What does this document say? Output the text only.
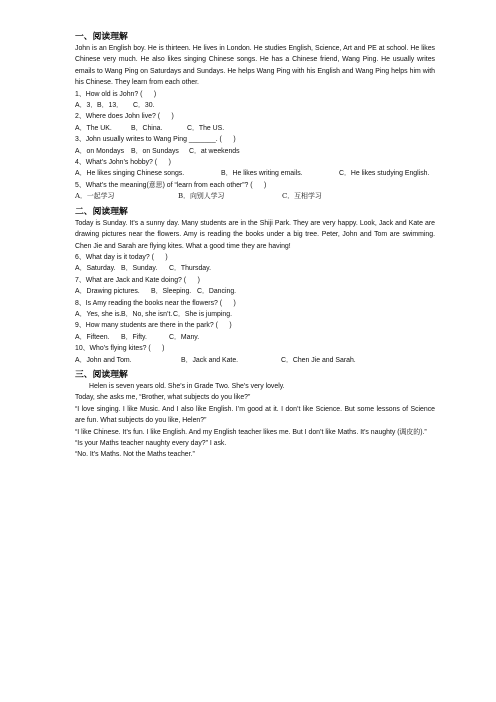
一、阅读理解

John is an English boy. He is thirteen. He lives in London. He studies English, Science, Art and PE at school. He likes Chinese very much. He also likes singing Chinese songs. He has a Chinese friend, Wang Ping. He usually writes emails to Wang Ping on Saturdays and Sundays. He helps Wang Ping with his English and Wang Ping helps him with his Chinese. They learn from each other.

1、How old is John? (      )

A．3． B．13．	C．30.

2、Where does John live? (      )

A．The UK.	B．China.	C．The US.

3、John usually writes to Wang Ping _______. (      )

A．on Mondays	B．on Sundays	C．at weekends

4、What’s John’s hobby? (      )

A．He likes singing Chinese songs.	B．He likes writing emails.	C．He likes studying English.

5、What’s the meaning(意思) of “learn from each other”? (      )

A．一起学习	B．向别人学习	C．互相学习
二、阅读理解

Today is Sunday. It’s a sunny day. Many students are in the Shiji Park. They are very happy. Look, Jack and Kate are drawing pictures near the flowers. Amy is reading the books under a big tree. Peter, John and Tom are swimming. Chen Jie and Sarah are flying kites. What a good time they are having!

6、What day is it today? (      )

A．Saturday. B．Sunday.	C．Thursday.

7、What are Jack and Kate doing? (      )

A．Drawing pictures.	B．Sleeping. C．Dancing.

8、Is Amy reading the books near the flowers? (      )

A．Yes, she is. B．No, she isn’t. C．She is jumping.

9、How many students are there in the park? (      )

A．Fifteen.	B．Fifty.	C．Many.

10、Who’s flying kites? (      )

A．John and Tom.	B．Jack and Kate.	C．Chen Jie and Sarah.
三、阅读理解

Helen is seven years old. She’s in Grade Two. She’s very lovely.

Today, she asks me, “Brother, what subjects do you like?”

“I love singing. I like Music. And I also like English. I’m good at it. I don’t like Science. But some lessons of Science are fun. What subjects do you like, Helen?”

“I like Chinese. It’s fun. I like English. And my English teacher likes me. But I don’t like Maths. It’s naughty (调皮的).”

“Is your Maths teacher naughty every day?” I ask.

“No. It’s Maths. Not the Maths teacher.”
